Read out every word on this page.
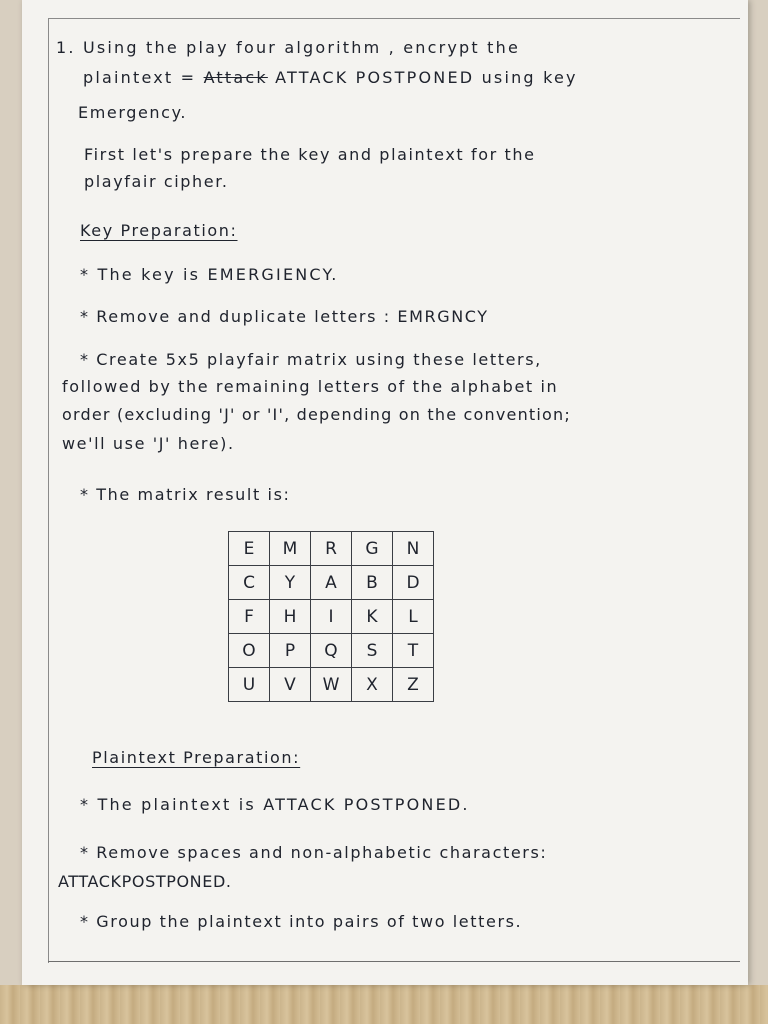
1. Using the play four algorithm , encrypt the
plaintext = Attack ATTACK POSTPONED using key
Emergency.
First let's prepare the key and plaintext for the
playfair cipher.
Key Preparation:
* The key is EMERGIENCY.
* Remove and duplicate letters : EMRGNCY
* Create 5x5 playfair matrix using these letters,
followed by the remaining letters of the alphabet in
order (excluding 'J' or 'I', depending on the convention;
we'll use 'J' here).
* The matrix result is:
E	M	R	G	N
C	Y	A	B	D
F	H	I	K	L
O	P	Q	S	T
U	V	W	X	Z
Plaintext Preparation:
* The plaintext is ATTACK POSTPONED.
* Remove spaces and non-alphabetic characters:
ATTACKPOSTPONED.
* Group the plaintext into pairs of two letters.
